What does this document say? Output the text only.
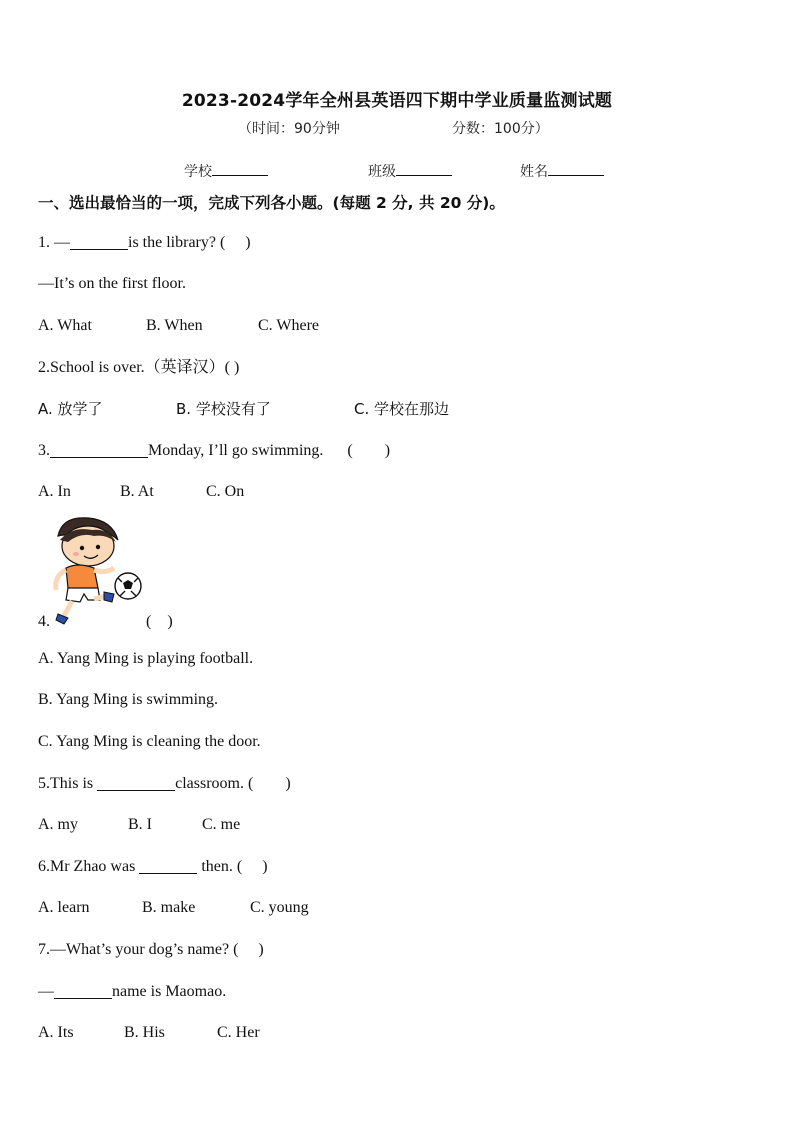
2023-2024学年全州县英语四下期中学业质量监测试题
（时间：90分钟	分数：100分）
学校	班级	姓名
一、选出最恰当的一项，完成下列各小题。(每题 2 分, 共 20 分)。
1. —	is the library? (　 )
—It’s on the first floor.
A. What	B. When	C. Where
2.School is over.（英译汉）( )
A. 放学了	B. 学校没有了	C. 学校在那边
3.	Monday, I’ll go swimming. (　　)
A. In	B. At	C. On
4.	(　)
A. Yang Ming is playing football.
B. Yang Ming is swimming.
C. Yang Ming is cleaning the door.
5.This is	classroom. (　　)
A. my	B. I	C. me
6.Mr Zhao was	then. (　 )
A. learn	B. make	C. young
7.—What’s your dog’s name? (　 )
—	name is Maomao.
A. Its	B. His	C. Her
